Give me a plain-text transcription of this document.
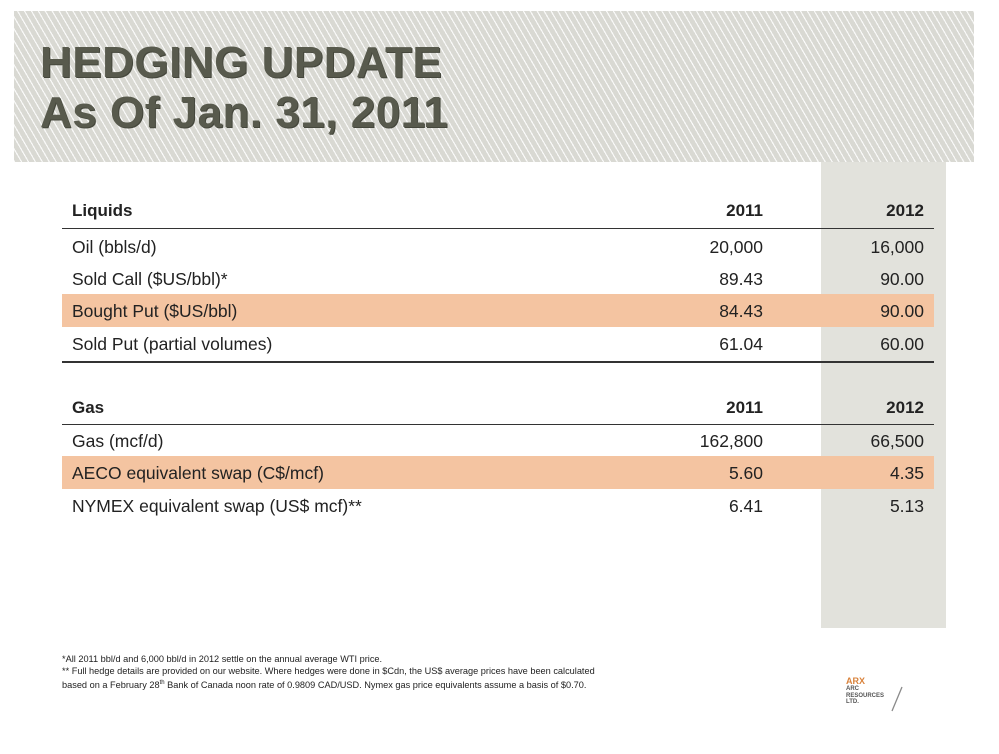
HEDGING UPDATE
As Of Jan. 31, 2011
Liquids	2011	2012
Oil (bbls/d)	20,000	16,000
Sold Call ($US/bbl)*	89.43	90.00
Bought Put ($US/bbl)	84.43	90.00
Sold Put (partial volumes)	61.04	60.00
Gas	2011	2012
Gas (mcf/d)	162,800	66,500
AECO equivalent swap (C$/mcf)	5.60	4.35
NYMEX equivalent swap (US$ mcf)**	6.41	5.13

*All 2011 bbl/d and 6,000 bbl/d in 2012 settle on the annual average WTI price.

** Full hedge details are provided on our website. Where hedges were done in $Cdn, the US$ average prices have been calculated

based on a February 28th Bank of Canada noon rate of 0.9809 CAD/USD. Nymex gas price equivalents assume a basis of $0.70.	ARX
ARC RESOURCES LTD.
